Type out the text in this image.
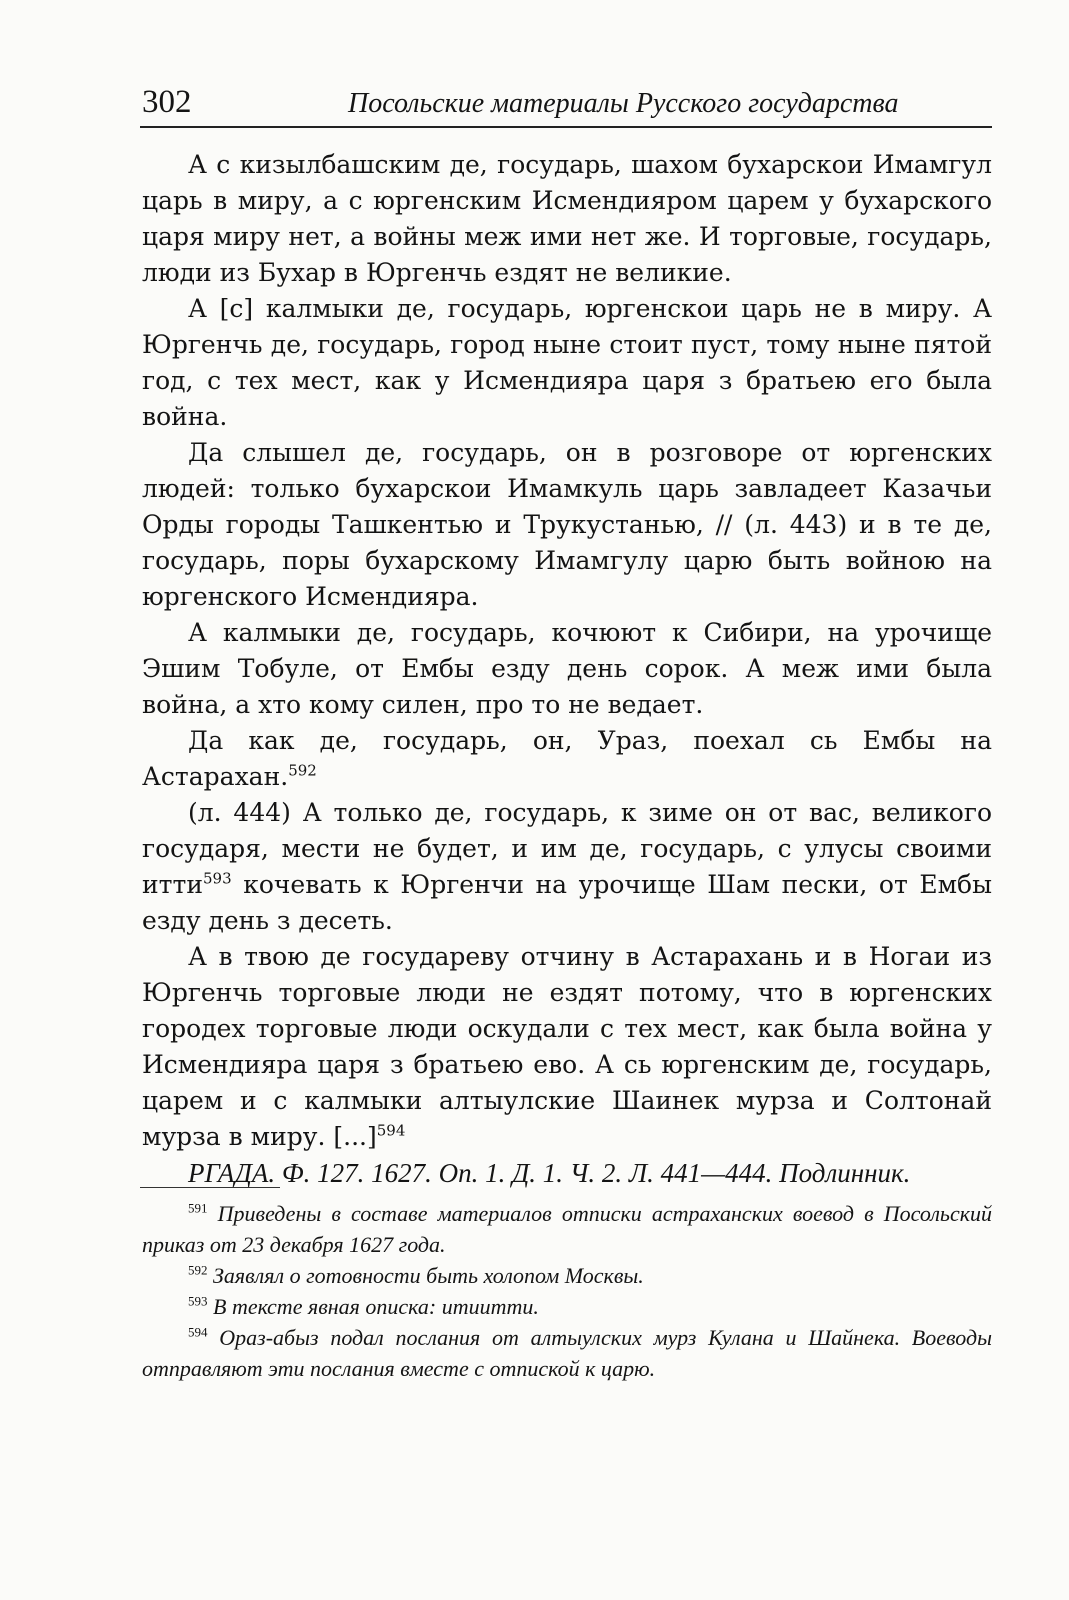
302	Посольские материалы Русского государства

А с кизылбашским де, государь, шахом бухарскои Имамгул царь в миру, а с юргенским Исмендияром царем у бухарского царя миру нет, а войны меж ими нет же. И торговые, государь, люди из Бухар в Юргенчь ездят не великие.

А [с] калмыки де, государь, юргенскои царь не в миру. А Юргенчь де, государь, город ныне стоит пуст, тому ныне пятой год, с тех мест, как у Исмендияра царя з братьею его была война.

Да слышел де, государь, он в розговоре от юргенских людей: только бухарскои Имамкуль царь завладеет Казачьи Орды городы Ташкентью и Трукустанью, // (л. 443) и в те де, государь, поры бухарскому Имамгулу царю быть войною на юргенского Исмендияра.

А калмыки де, государь, кочюют к Сибири, на урочище Эшим Тобуле, от Ембы езду день сорок. А меж ими была война, а хто кому силен, про то не ведает.

Да как де, государь, он, Ураз, поехал сь Ембы на Астарахан.$^{592}$

(л. 444) А только де, государь, к зиме он от вас, великого государя, мести не будет, и им де, государь, с улусы своими итти$^{593}$ кочевать к Юргенчи на урочище Шам пески, от Ембы езду день з десеть.

А в твою де государеву отчину в Астарахань и в Ногаи из Юргенчь торговые люди не ездят потому, что в юргенских городех торговые люди оскудали с тех мест, как была война у Исмендияра царя з братьею ево. А сь юргенским де, государь, царем и с калмыки алтыулские Шаинек мурза и Солтонай мурза в миру. [...]$^{594}$

РГАДА. Ф. 127. 1627. Оп. 1. Д. 1. Ч. 2. Л. 441—444. Подлинник.

$^{591}$ Приведены в составе материалов отписки астраханских воевод в Посольский приказ от 23 декабря 1627 года.

$^{592}$ Заявлял о готовности быть холопом Москвы.

$^{593}$ В тексте явная описка: итиитти.

$^{594}$ Ораз-абыз подал послания от алтыулских мурз Кулана и Шайнека. Воеводы отправляют эти послания вместе с отпиской к царю.
